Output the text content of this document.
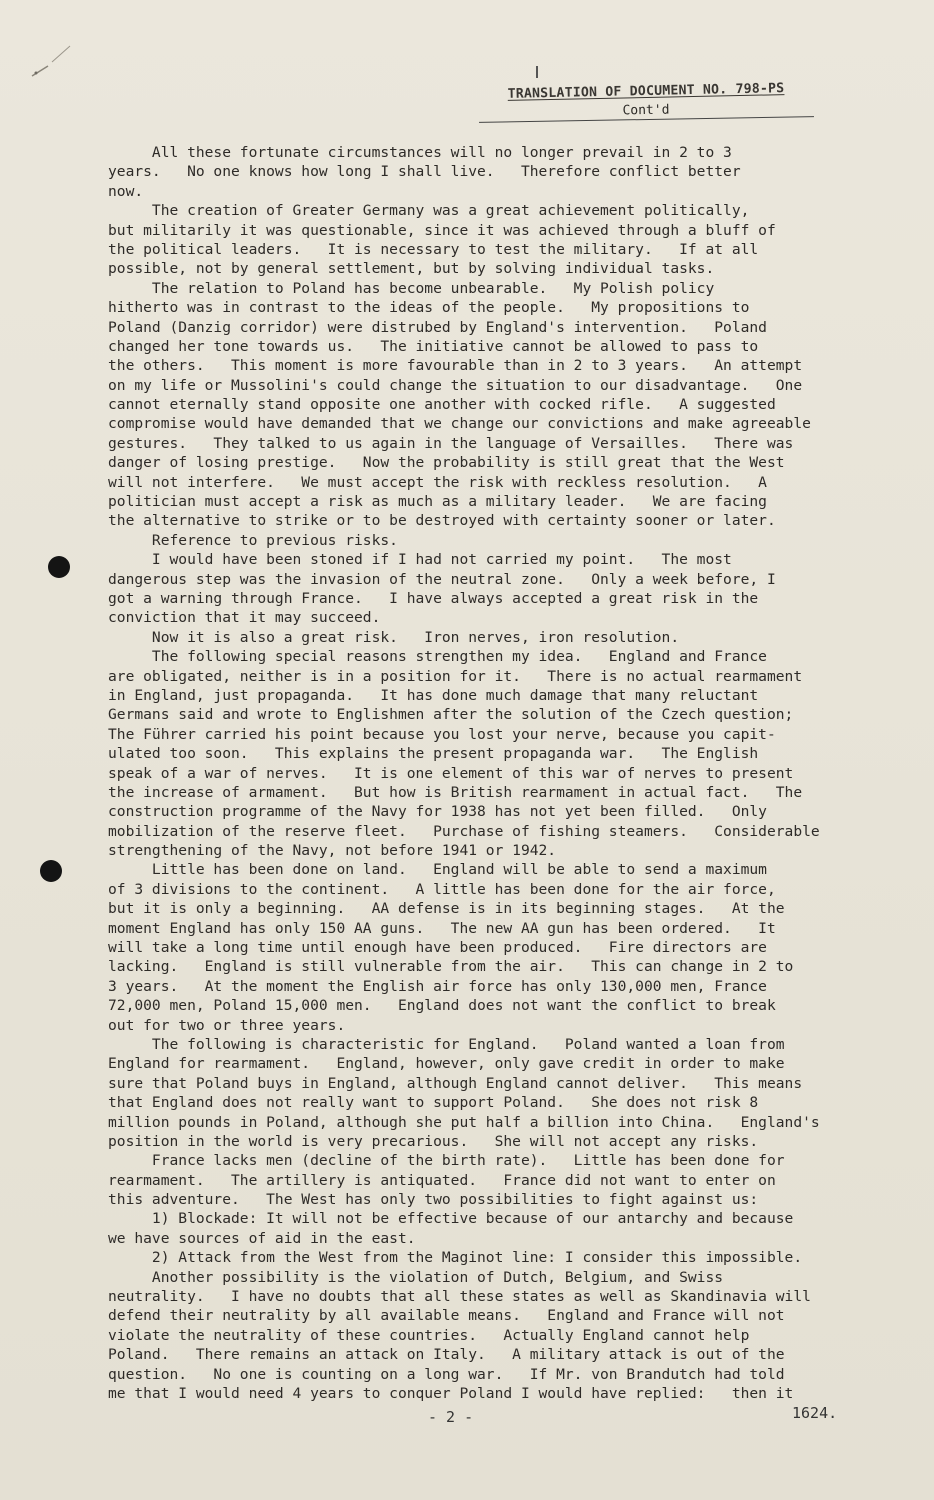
TRANSLATION OF DOCUMENT NO. 798-PS
Cont'd
All these fortunate circumstances will no longer prevail in 2 to 3
years.   No one knows how long I shall live.   Therefore conflict better
now.
The creation of Greater Germany was a great achievement politically,
but militarily it was questionable, since it was achieved through a bluff of
the political leaders.   It is necessary to test the military.   If at all
possible, not by general settlement, but by solving individual tasks.
The relation to Poland has become unbearable.   My Polish policy
hitherto was in contrast to the ideas of the people.   My propositions to
Poland (Danzig corridor) were distrubed by England's intervention.   Poland
changed her tone towards us.   The initiative cannot be allowed to pass to
the others.   This moment is more favourable than in 2 to 3 years.   An attempt
on my life or Mussolini's could change the situation to our disadvantage.   One
cannot eternally stand opposite one another with cocked rifle.   A suggested
compromise would have demanded that we change our convictions and make agreeable
gestures.   They talked to us again in the language of Versailles.   There was
danger of losing prestige.   Now the probability is still great that the West
will not interfere.   We must accept the risk with reckless resolution.   A
politician must accept a risk as much as a military leader.   We are facing
the alternative to strike or to be destroyed with certainty sooner or later.
Reference to previous risks.
I would have been stoned if I had not carried my point.   The most
dangerous step was the invasion of the neutral zone.   Only a week before, I
got a warning through France.   I have always accepted a great risk in the
conviction that it may succeed.
Now it is also a great risk.   Iron nerves, iron resolution.
The following special reasons strengthen my idea.   England and France
are obligated, neither is in a position for it.   There is no actual rearmament
in England, just propaganda.   It has done much damage that many reluctant
Germans said and wrote to Englishmen after the solution of the Czech question;
The Führer carried his point because you lost your nerve, because you capit-
ulated too soon.   This explains the present propaganda war.   The English
speak of a war of nerves.   It is one element of this war of nerves to present
the increase of armament.   But how is British rearmament in actual fact.   The
construction programme of the Navy for 1938 has not yet been filled.   Only
mobilization of the reserve fleet.   Purchase of fishing steamers.   Considerable
strengthening of the Navy, not before 1941 or 1942.
Little has been done on land.   England will be able to send a maximum
of 3 divisions to the continent.   A little has been done for the air force,
but it is only a beginning.   AA defense is in its beginning stages.   At the
moment England has only 150 AA guns.   The new AA gun has been ordered.   It
will take a long time until enough have been produced.   Fire directors are
lacking.   England is still vulnerable from the air.   This can change in 2 to
3 years.   At the moment the English air force has only 130,000 men, France
72,000 men, Poland 15,000 men.   England does not want the conflict to break
out for two or three years.
The following is characteristic for England.   Poland wanted a loan from
England for rearmament.   England, however, only gave credit in order to make
sure that Poland buys in England, although England cannot deliver.   This means
that England does not really want to support Poland.   She does not risk 8
million pounds in Poland, although she put half a billion into China.   England's
position in the world is very precarious.   She will not accept any risks.
France lacks men (decline of the birth rate).   Little has been done for
rearmament.   The artillery is antiquated.   France did not want to enter on
this adventure.   The West has only two possibilities to fight against us:
1) Blockade: It will not be effective because of our antarchy and because
we have sources of aid in the east.
2) Attack from the West from the Maginot line: I consider this impossible.
Another possibility is the violation of Dutch, Belgium, and Swiss
neutrality.   I have no doubts that all these states as well as Skandinavia will
defend their neutrality by all available means.   England and France will not
violate the neutrality of these countries.   Actually England cannot help
Poland.   There remains an attack on Italy.   A military attack is out of the
question.   No one is counting on a long war.   If Mr. von Brandutch had told
me that I would need 4 years to conquer Poland I would have replied:   then it
- 2 -	1624.
